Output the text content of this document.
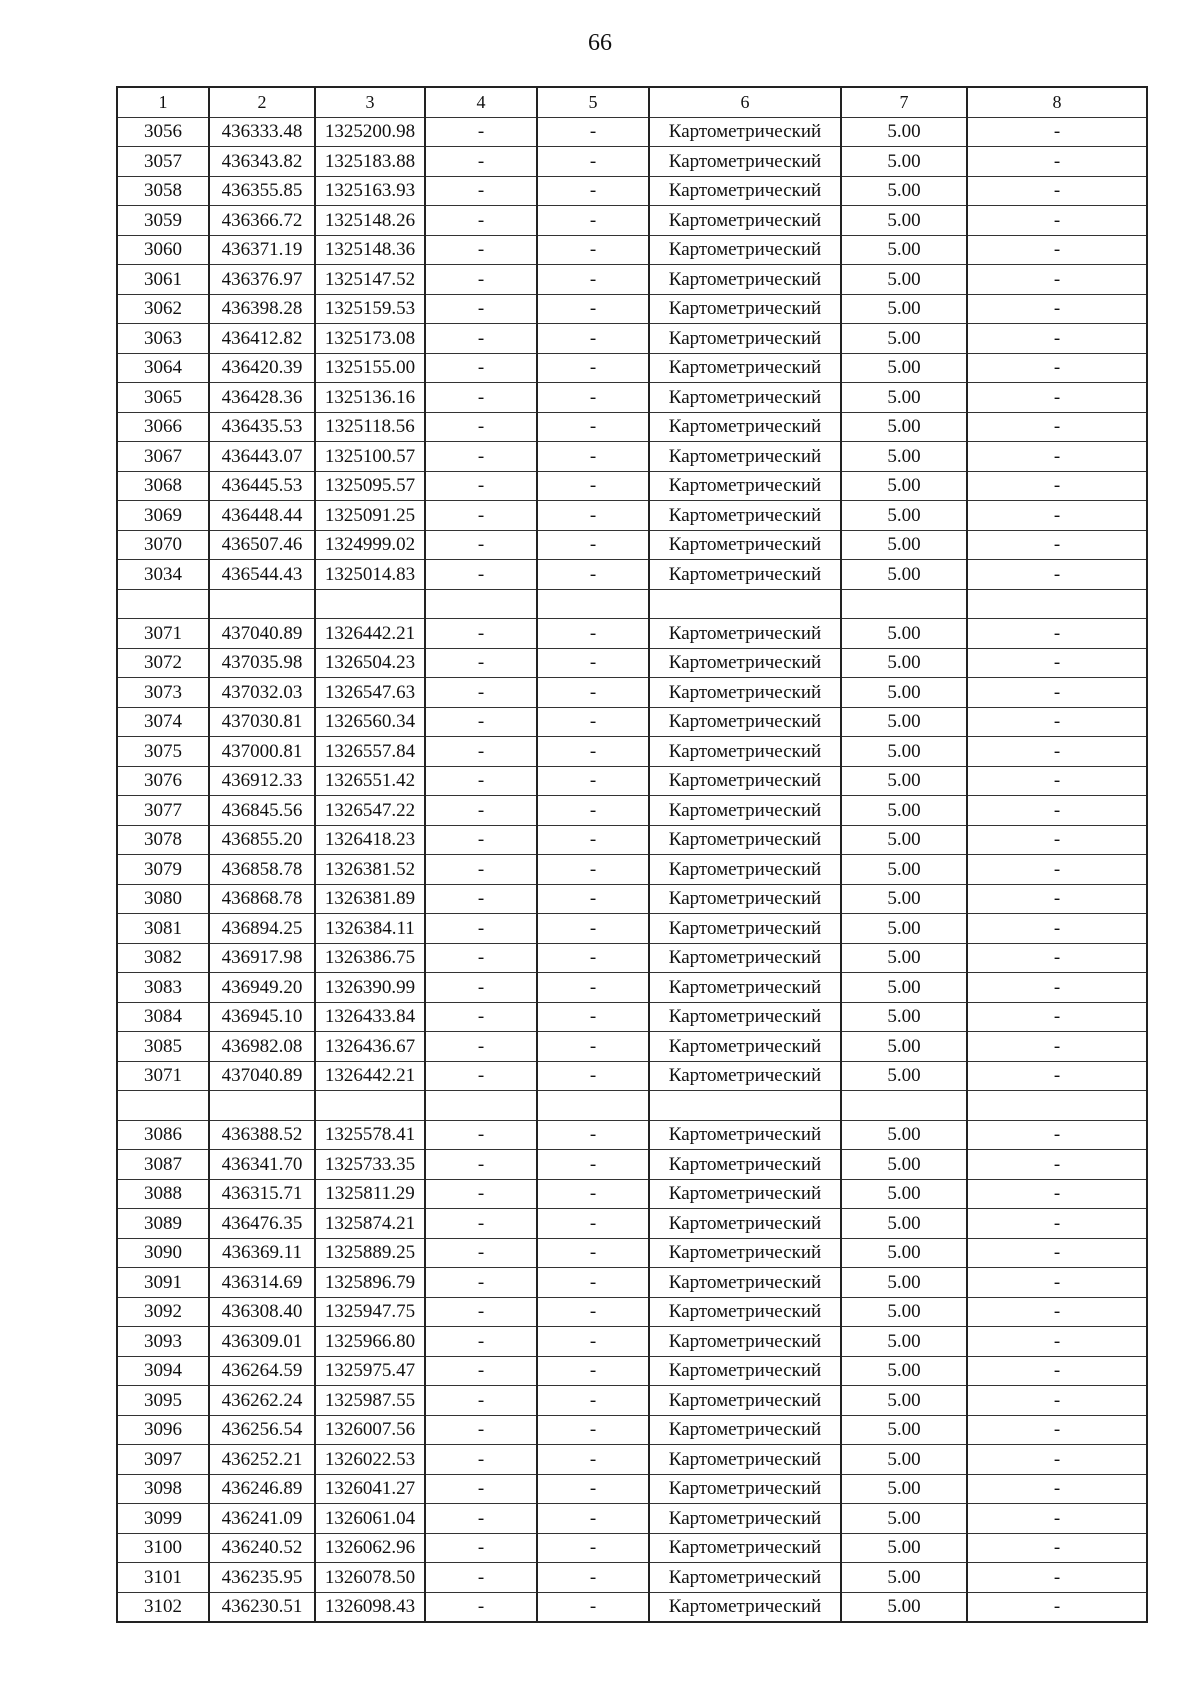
66
1	2	3	4	5	6	7	8
3056	436333.48	1325200.98	-	-	Картометрический	5.00	-
3057	436343.82	1325183.88	-	-	Картометрический	5.00	-
3058	436355.85	1325163.93	-	-	Картометрический	5.00	-
3059	436366.72	1325148.26	-	-	Картометрический	5.00	-
3060	436371.19	1325148.36	-	-	Картометрический	5.00	-
3061	436376.97	1325147.52	-	-	Картометрический	5.00	-
3062	436398.28	1325159.53	-	-	Картометрический	5.00	-
3063	436412.82	1325173.08	-	-	Картометрический	5.00	-
3064	436420.39	1325155.00	-	-	Картометрический	5.00	-
3065	436428.36	1325136.16	-	-	Картометрический	5.00	-
3066	436435.53	1325118.56	-	-	Картометрический	5.00	-
3067	436443.07	1325100.57	-	-	Картометрический	5.00	-
3068	436445.53	1325095.57	-	-	Картометрический	5.00	-
3069	436448.44	1325091.25	-	-	Картометрический	5.00	-
3070	436507.46	1324999.02	-	-	Картометрический	5.00	-
3034	436544.43	1325014.83	-	-	Картометрический	5.00	-

3071	437040.89	1326442.21	-	-	Картометрический	5.00	-
3072	437035.98	1326504.23	-	-	Картометрический	5.00	-
3073	437032.03	1326547.63	-	-	Картометрический	5.00	-
3074	437030.81	1326560.34	-	-	Картометрический	5.00	-
3075	437000.81	1326557.84	-	-	Картометрический	5.00	-
3076	436912.33	1326551.42	-	-	Картометрический	5.00	-
3077	436845.56	1326547.22	-	-	Картометрический	5.00	-
3078	436855.20	1326418.23	-	-	Картометрический	5.00	-
3079	436858.78	1326381.52	-	-	Картометрический	5.00	-
3080	436868.78	1326381.89	-	-	Картометрический	5.00	-
3081	436894.25	1326384.11	-	-	Картометрический	5.00	-
3082	436917.98	1326386.75	-	-	Картометрический	5.00	-
3083	436949.20	1326390.99	-	-	Картометрический	5.00	-
3084	436945.10	1326433.84	-	-	Картометрический	5.00	-
3085	436982.08	1326436.67	-	-	Картометрический	5.00	-
3071	437040.89	1326442.21	-	-	Картометрический	5.00	-

3086	436388.52	1325578.41	-	-	Картометрический	5.00	-
3087	436341.70	1325733.35	-	-	Картометрический	5.00	-
3088	436315.71	1325811.29	-	-	Картометрический	5.00	-
3089	436476.35	1325874.21	-	-	Картометрический	5.00	-
3090	436369.11	1325889.25	-	-	Картометрический	5.00	-
3091	436314.69	1325896.79	-	-	Картометрический	5.00	-
3092	436308.40	1325947.75	-	-	Картометрический	5.00	-
3093	436309.01	1325966.80	-	-	Картометрический	5.00	-
3094	436264.59	1325975.47	-	-	Картометрический	5.00	-
3095	436262.24	1325987.55	-	-	Картометрический	5.00	-
3096	436256.54	1326007.56	-	-	Картометрический	5.00	-
3097	436252.21	1326022.53	-	-	Картометрический	5.00	-
3098	436246.89	1326041.27	-	-	Картометрический	5.00	-
3099	436241.09	1326061.04	-	-	Картометрический	5.00	-
3100	436240.52	1326062.96	-	-	Картометрический	5.00	-
3101	436235.95	1326078.50	-	-	Картометрический	5.00	-
3102	436230.51	1326098.43	-	-	Картометрический	5.00	-
